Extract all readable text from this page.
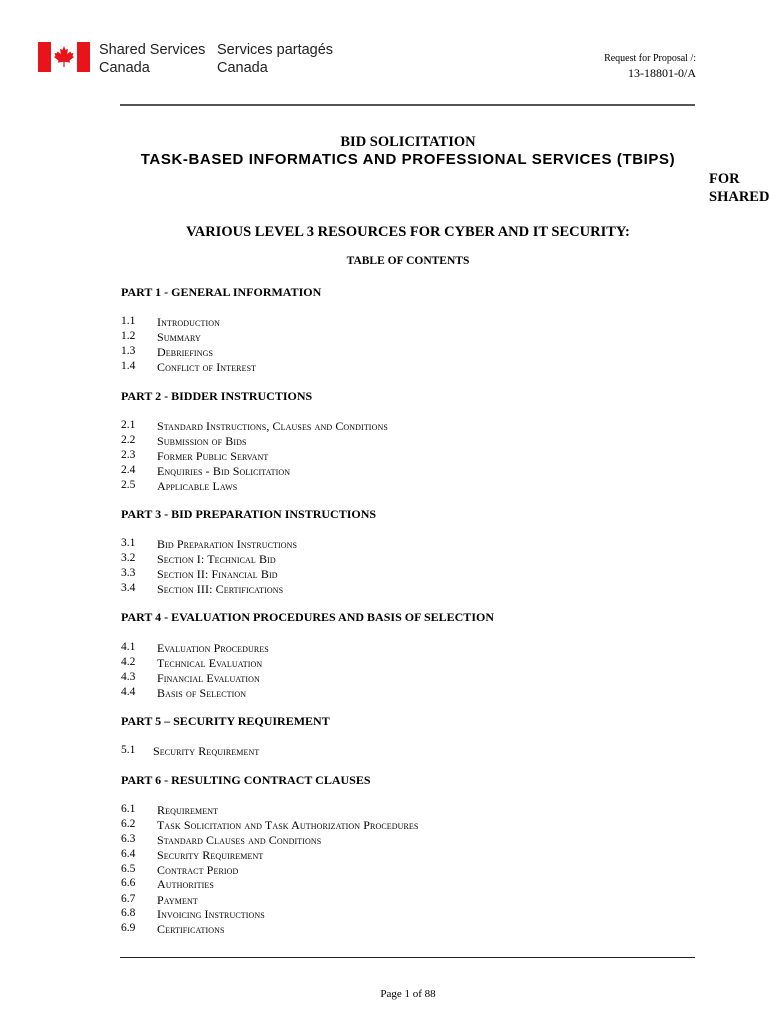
Shared Services
Canada
Services partagés
Canada
Request for Proposal /:
13-18801-0/A
BID SOLICITATION
TASK-BASED INFORMATICS AND PROFESSIONAL SERVICES (TBIPS)
FOR
SHARED
VARIOUS LEVEL 3 RESOURCES FOR CYBER AND IT SECURITY:
TABLE OF CONTENTS
PART 1 - GENERAL INFORMATION
1.1 Introduction
1.2 Summary
1.3 Debriefings
1.4 Conflict of Interest
PART 2 - BIDDER INSTRUCTIONS
2.1 Standard Instructions, Clauses and Conditions
2.2 Submission of Bids
2.3 Former Public Servant
2.4 Enquiries - Bid Solicitation
2.5 Applicable Laws
PART 3 - BID PREPARATION INSTRUCTIONS
3.1 Bid Preparation Instructions
3.2 Section I: Technical Bid
3.3 Section II: Financial Bid
3.4 Section III: Certifications
PART 4 - EVALUATION PROCEDURES AND BASIS OF SELECTION
4.1 Evaluation Procedures
4.2 Technical Evaluation
4.3 Financial Evaluation
4.4 Basis of Selection
PART 5 – SECURITY REQUIREMENT
5.1 Security Requirement
PART 6 - RESULTING CONTRACT CLAUSES
6.1 Requirement
6.2 Task Solicitation and Task Authorization Procedures
6.3 Standard Clauses and Conditions
6.4 Security Requirement
6.5 Contract Period
6.6 Authorities
6.7 Payment
6.8 Invoicing Instructions
6.9 Certifications
Page 1 of 88
